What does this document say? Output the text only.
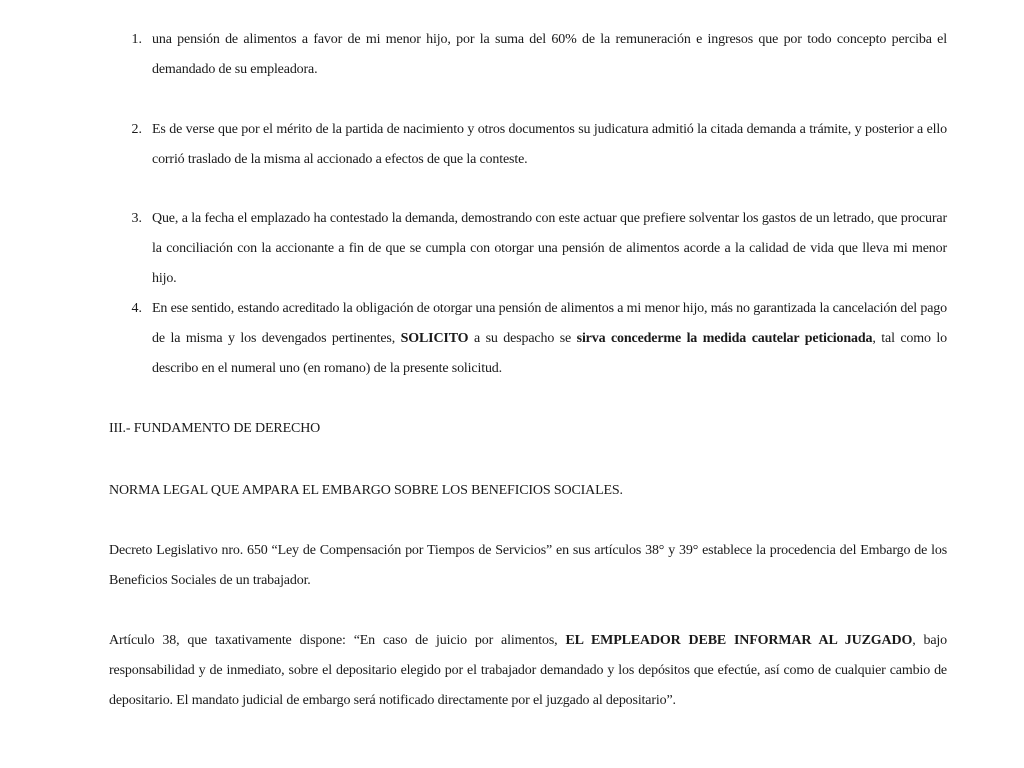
1. una pensión de alimentos a favor de mi menor hijo, por la suma del 60% de la remuneración e ingresos que por todo concepto perciba el demandado de su empleadora.
2. Es de verse que por el mérito de la partida de nacimiento y otros documentos su judicatura admitió la citada demanda a trámite, y posterior a ello corrió traslado de la misma al accionado a efectos de que la conteste.
3. Que, a la fecha el emplazado ha contestado la demanda, demostrando con este actuar que prefiere solventar los gastos de un letrado, que procurar la conciliación con la accionante a fin de que se cumpla con otorgar una pensión de alimentos acorde a la calidad de vida que lleva mi menor hijo.
4. En ese sentido, estando acreditado la obligación de otorgar una pensión de alimentos a mi menor hijo, más no garantizada la cancelación del pago de la misma y los devengados pertinentes, SOLICITO a su despacho se sirva concederme la medida cautelar peticionada, tal como lo describo en el numeral uno (en romano) de la presente solicitud.
III.- FUNDAMENTO DE DERECHO
NORMA LEGAL QUE AMPARA EL EMBARGO SOBRE LOS BENEFICIOS SOCIALES.
Decreto Legislativo nro. 650 “Ley de Compensación por Tiempos de Servicios” en sus artículos 38° y 39° establece la procedencia del Embargo de los Beneficios Sociales de un trabajador.
Artículo 38, que taxativamente dispone: “En caso de juicio por alimentos, EL EMPLEADOR DEBE INFORMAR AL JUZGADO, bajo responsabilidad y de inmediato, sobre el depositario elegido por el trabajador demandado y los depósitos que efectúe, así como de cualquier cambio de depositario. El mandato judicial de embargo será notificado directamente por el juzgado al depositario”.
